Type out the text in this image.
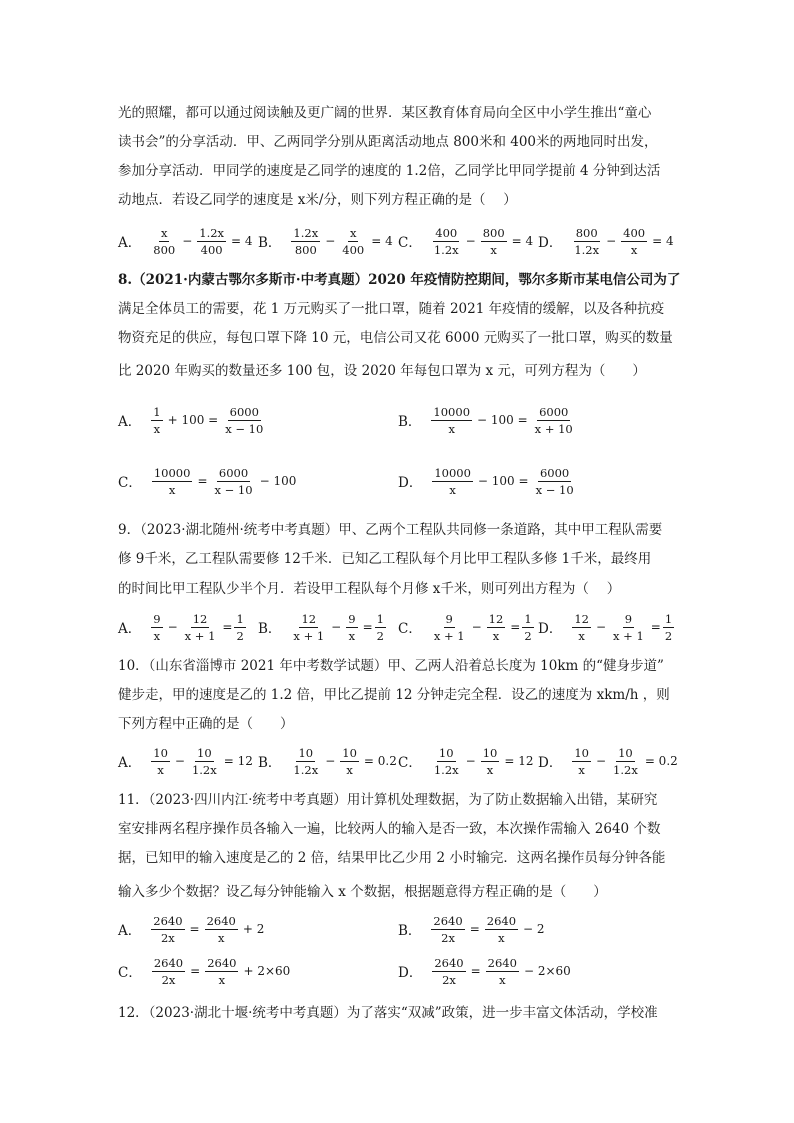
光的照耀，都可以通过阅读触及更广阔的世界．某区教育体育局向全区中小学生推出“童心
读书会”的分享活动．甲、乙两同学分别从距离活动地点 800米和 400米的两地同时出发，
参加分享活动．甲同学的速度是乙同学的速度的 1.2倍，乙同学比甲同学提前 4 分钟到达活
动地点．若设乙同学的速度是 x米/分，则下列方程正确的是（　 ）
A． $\frac{x}{800} - \frac{1.2x}{400} = 4$ B． $\frac{1.2x}{800} - \frac{x}{400} = 4$ C． $\frac{400}{1.2x} - \frac{800}{x} = 4$ D． $\frac{800}{1.2x} - \frac{400}{x} = 4$
8.（2021·内蒙古鄂尔多斯市·中考真题）2020 年疫情防控期间，鄂尔多斯市某电信公司为了
满足全体员工的需要，花 1 万元购买了一批口罩，随着 2021 年疫情的缓解，以及各种抗疫
物资充足的供应，每包口罩下降 10 元，电信公司又花 6000 元购买了一批口罩，购买的数量
比 2020 年购买的数量还多 100 包，设 2020 年每包口罩为 x 元，可列方程为（　　）
A． $\frac{1}{x} + 100 = \frac{6000}{x - 10}$	B． $\frac{10000}{x} - 100 = \frac{6000}{x + 10}$
C． $\frac{10000}{x} = \frac{6000}{x - 10} - 100$	D． $\frac{10000}{x} - 100 = \frac{6000}{x - 10}$
9．（2023·湖北随州·统考中考真题）甲、乙两个工程队共同修一条道路，其中甲工程队需要
修 9千米，乙工程队需要修 12千米．已知乙工程队每个月比甲工程队多修 1千米，最终用
的时间比甲工程队少半个月．若设甲工程队每个月修 x千米，则可列出方程为（　 ）
A． $\frac{9}{x} - \frac{12}{x + 1} = \frac{1}{2}$ B． $\frac{12}{x + 1} - \frac{9}{x} = \frac{1}{2}$ C． $\frac{9}{x + 1} - \frac{12}{x} = \frac{1}{2}$ D． $\frac{12}{x} - \frac{9}{x + 1} = \frac{1}{2}$
10．（山东省淄博市 2021 年中考数学试题）甲、乙两人沿着总长度为 10km 的“健身步道”
健步走，甲的速度是乙的 1.2 倍，甲比乙提前 12 分钟走完全程．设乙的速度为 xkm/h ，则
下列方程中正确的是（　　）
A． $\frac{10}{x} - \frac{10}{1.2x} = 12$ B． $\frac{10}{1.2x} - \frac{10}{x} = 0.2$ C． $\frac{10}{1.2x} - \frac{10}{x} = 12$ D． $\frac{10}{x} - \frac{10}{1.2x} = 0.2$
11．（2023·四川内江·统考中考真题）用计算机处理数据，为了防止数据输入出错，某研究
室安排两名程序操作员各输入一遍，比较两人的输入是否一致，本次操作需输入 2640 个数
据，已知甲的输入速度是乙的 2 倍，结果甲比乙少用 2 小时输完．这两名操作员每分钟各能
输入多少个数据？设乙每分钟能输入 x 个数据，根据题意得方程正确的是（　　）
A． $\frac{2640}{2x} = \frac{2640}{x} + 2$	B． $\frac{2640}{2x} = \frac{2640}{x} - 2$
C． $\frac{2640}{2x} = \frac{2640}{x} + 2\times 60$	D． $\frac{2640}{2x} = \frac{2640}{x} - 2\times 60$
12．（2023·湖北十堰·统考中考真题）为了落实“双减”政策，进一步丰富文体活动，学校准
